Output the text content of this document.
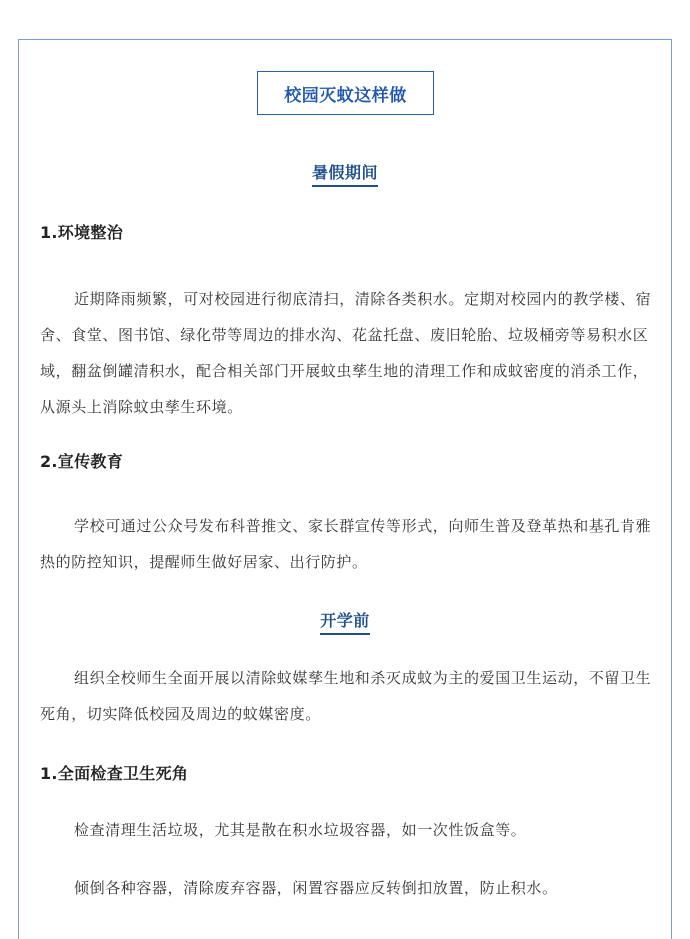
校园灭蚊这样做
暑假期间
1.环境整治

近期降雨频繁，可对校园进行彻底清扫，清除各类积水。定期对校园内的教学楼、宿舍、食堂、图书馆、绿化带等周边的排水沟、花盆托盘、废旧轮胎、垃圾桶旁等易积水区域，翻盆倒罐清积水，配合相关部门开展蚊虫孳生地的清理工作和成蚊密度的消杀工作，从源头上消除蚊虫孳生环境。

2.宣传教育

学校可通过公众号发布科普推文、家长群宣传等形式，向师生普及登革热和基孔肯雅热的防控知识，提醒师生做好居家、出行防护。

开学前

组织全校师生全面开展以清除蚊媒孳生地和杀灭成蚊为主的爱国卫生运动，不留卫生死角，切实降低校园及周边的蚊媒密度。

1.全面检查卫生死角

检查清理生活垃圾，尤其是散在积水垃圾容器，如一次性饭盒等。

倾倒各种容器，清除废弃容器，闲置容器应反转倒扣放置，防止积水。
